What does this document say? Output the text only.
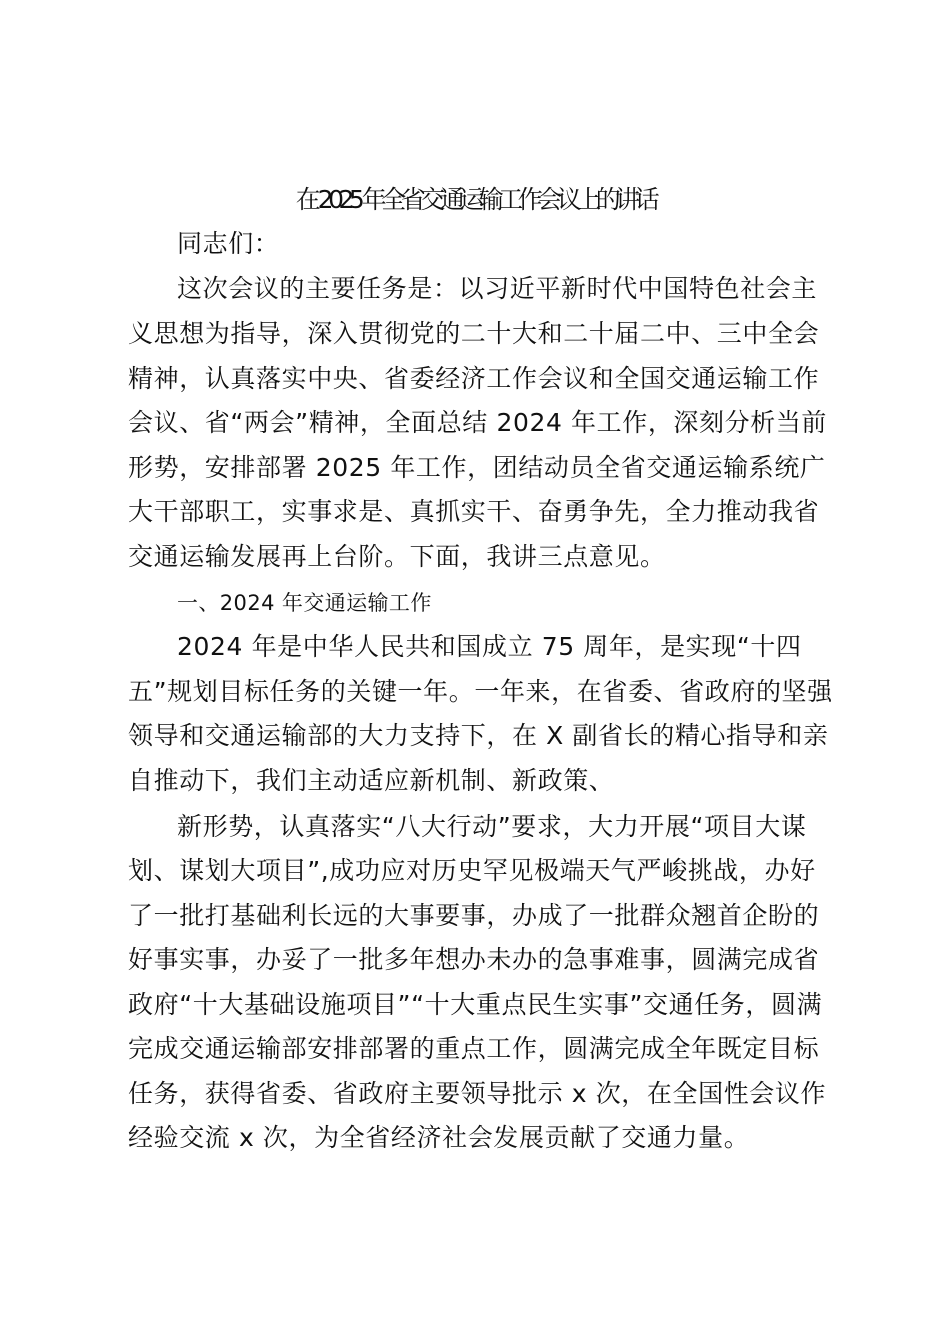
在 2025 年全省交通运输工作会议上的讲话
同志们：
这次会议的主要任务是：以习近平新时代中国特色社会主
义思想为指导，深入贯彻党的二十大和二十届二中、三中全会
精神，认真落实中央、省委经济工作会议和全国交通运输工作
会议、省“两会”精神，全面总结 2024 年工作，深刻分析当前
形势，安排部署 2025 年工作，团结动员全省交通运输系统广
大干部职工，实事求是、真抓实干、奋勇争先，全力推动我省
交通运输发展再上台阶。下面，我讲三点意见。
一、2024 年交通运输工作
2024 年是中华人民共和国成立 75 周年，是实现“十四
五”规划目标任务的关键一年。一年来，在省委、省政府的坚强
领导和交通运输部的大力支持下，在 X 副省长的精心指导和亲
自推动下，我们主动适应新机制、新政策、
新形势，认真落实“八大行动”要求，大力开展“项目大谋
划、谋划大项目”,成功应对历史罕见极端天气严峻挑战，办好
了一批打基础利长远的大事要事，办成了一批群众翘首企盼的
好事实事，办妥了一批多年想办未办的急事难事，圆满完成省
政府“十大基础设施项目”“十大重点民生实事”交通任务，圆满
完成交通运输部安排部署的重点工作，圆满完成全年既定目标
任务，获得省委、省政府主要领导批示 x 次，在全国性会议作
经验交流 x 次，为全省经济社会发展贡献了交通力量。
